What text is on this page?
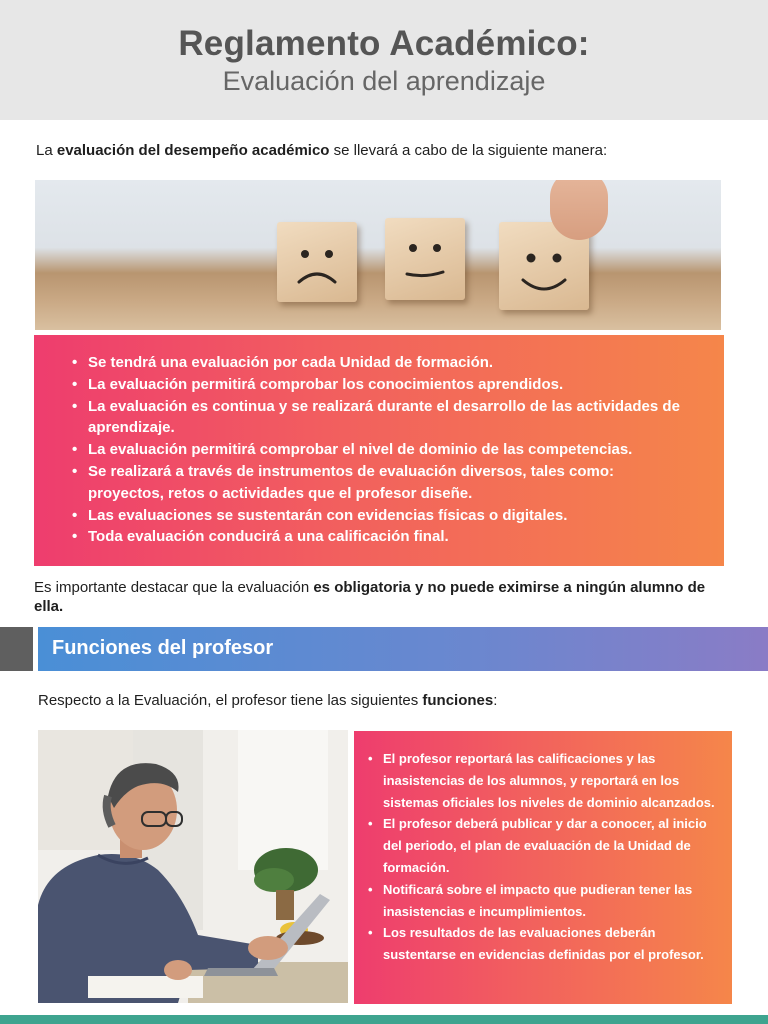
Reglamento Académico:
Evaluación del aprendizaje
La evaluación del desempeño académico se llevará a cabo de la siguiente manera:
• Se tendrá una evaluación por cada Unidad de formación.
• La evaluación permitirá comprobar los conocimientos aprendidos.
• La evaluación es continua y se realizará durante el desarrollo de las actividades de aprendizaje.
• La evaluación permitirá comprobar el nivel de dominio de las competencias.
• Se realizará a través de instrumentos de evaluación diversos, tales como: proyectos, retos o actividades que el profesor diseñe.
• Las evaluaciones se sustentarán con evidencias físicas o digitales.
• Toda evaluación conducirá a una calificación final.
Es importante destacar que la evaluación es obligatoria y no puede eximirse a ningún alumno de ella.
Funciones del profesor
Respecto a la Evaluación, el profesor tiene las siguientes funciones:
• El profesor reportará las calificaciones y las inasistencias de los alumnos, y reportará en los sistemas oficiales los niveles de dominio alcanzados.
• El profesor deberá publicar y dar a conocer, al inicio del periodo, el plan de evaluación de la Unidad de formación.
• Notificará sobre el impacto que pudieran tener las inasistencias e incumplimientos.
• Los resultados de las evaluaciones deberán sustentarse en evidencias definidas por el profesor.
